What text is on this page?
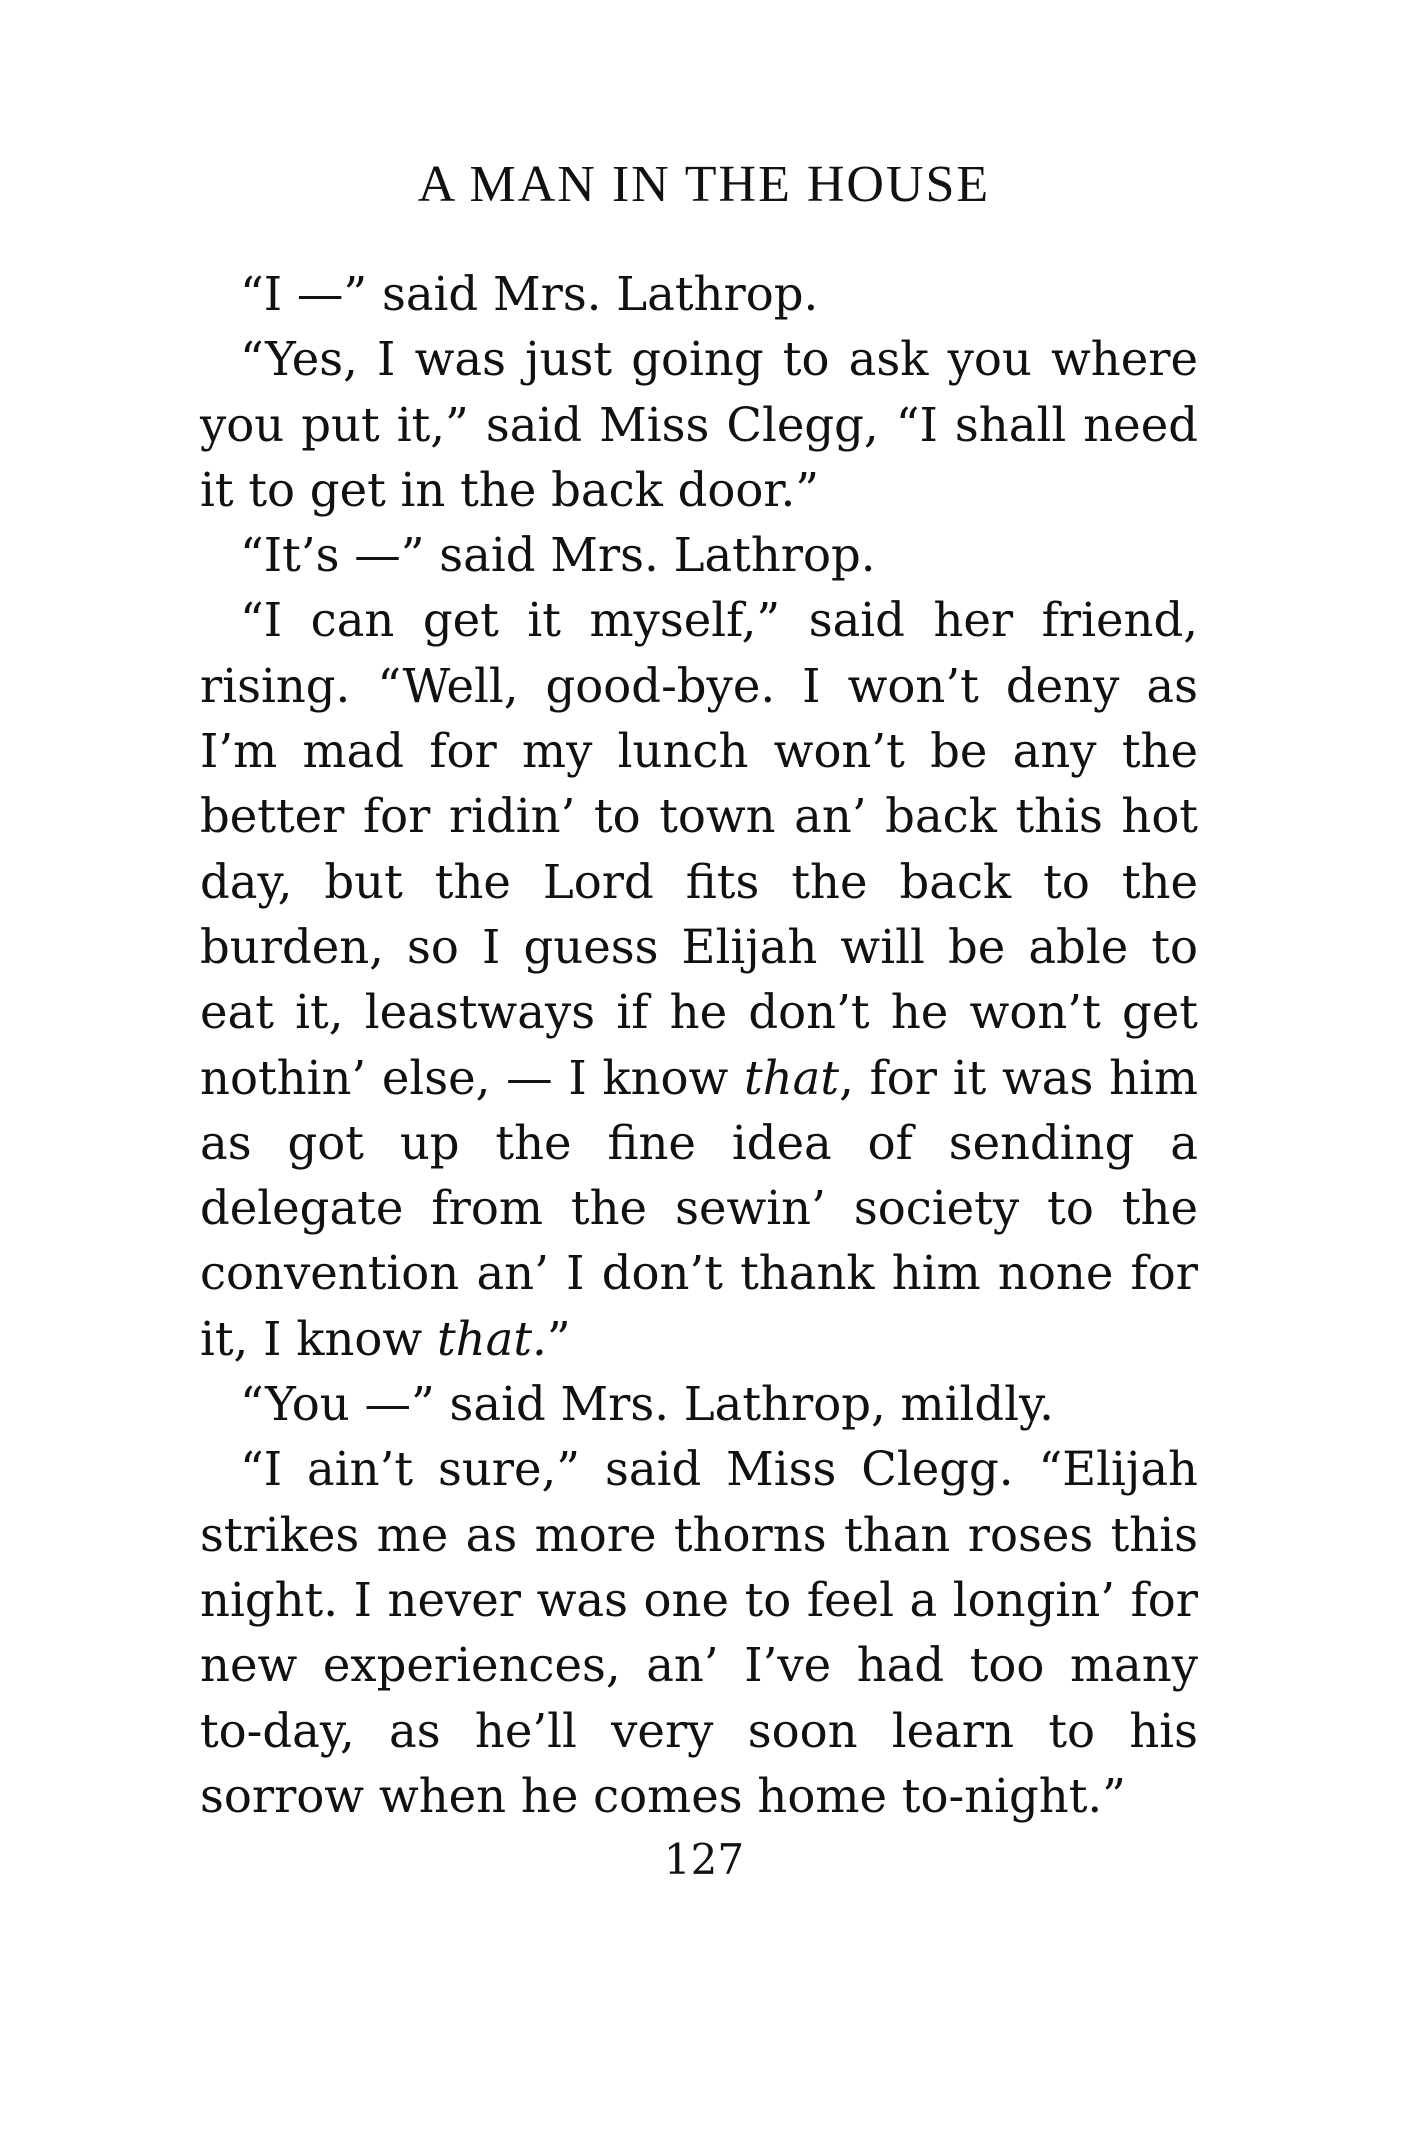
A MAN IN THE HOUSE

“I —” said Mrs. Lathrop.

“Yes, I was just going to ask you where you put it,” said Miss Clegg, “I shall need it to get in the back door.”

“It’s —” said Mrs. Lathrop.

“I can get it myself,” said her friend, rising. “Well, good-bye. I won’t deny as I’m mad for my lunch won’t be any the better for ridin’ to town an’ back this hot day, but the Lord fits the back to the burden, so I guess Elijah will be able to eat it, leastways if he don’t he won’t get nothin’ else, — I know that, for it was him as got up the fine idea of sending a delegate from the sewin’ society to the convention an’ I don’t thank him none for it, I know that.”

“You —” said Mrs. Lathrop, mildly.

“I ain’t sure,” said Miss Clegg. “Elijah strikes me as more thorns than roses this night. I never was one to feel a longin’ for new experiences, an’ I’ve had too many to-day, as he’ll very soon learn to his sorrow when he comes home to-night.”

127
